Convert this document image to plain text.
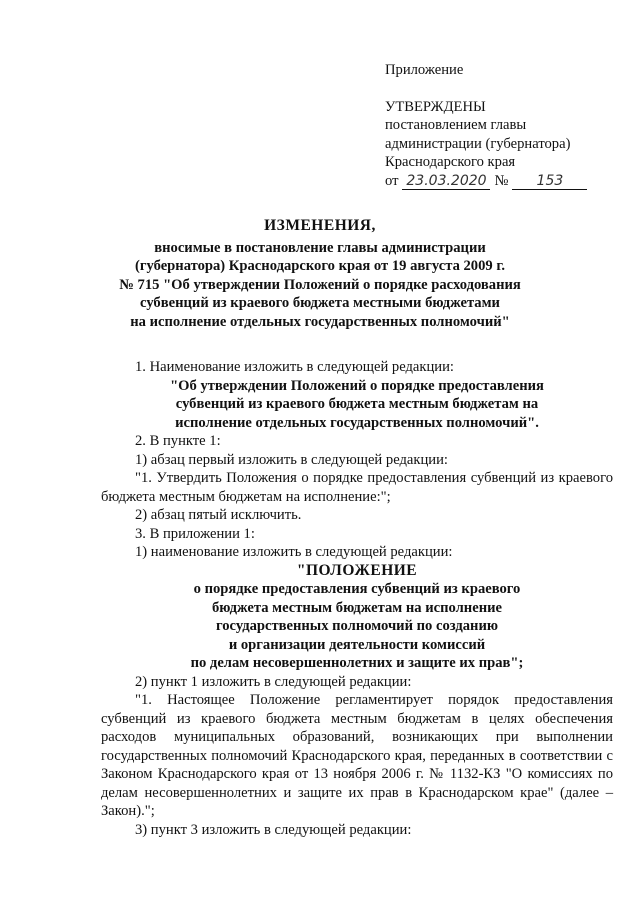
Приложение
УТВЕРЖДЕНЫ
постановлением главы
администрации (губернатора)
Краснодарского края
от 23.03.2020 №	153
ИЗМЕНЕНИЯ,
вносимые в постановление главы администрации
(губернатора) Краснодарского края от 19 августа 2009 г.
№ 715 "Об утверждении Положений о порядке расходования
субвенций из краевого бюджета местными бюджетами
на исполнение отдельных государственных полномочий"
1. Наименование изложить в следующей редакции:
"Об утверждении Положений о порядке предоставления субвенций из краевого бюджета местным бюджетам на исполнение отдельных государственных полномочий".
2. В пункте 1:
1) абзац первый изложить в следующей редакции:
"1. Утвердить Положения о порядке предоставления субвенций из краевого бюджета местным бюджетам на исполнение:";
2) абзац пятый исключить.
3. В приложении 1:
1) наименование изложить в следующей редакции:
"ПОЛОЖЕНИЕ
о порядке предоставления субвенций из краевого
бюджета местным бюджетам на исполнение
государственных полномочий по созданию
и организации деятельности комиссий
по делам несовершеннолетних и защите их прав";
2) пункт 1 изложить в следующей редакции:
"1. Настоящее Положение регламентирует порядок предоставления субвенций из краевого бюджета местным бюджетам в целях обеспечения расходов муниципальных образований, возникающих при выполнении государственных полномочий Краснодарского края, переданных в соответствии с Законом Краснодарского края от 13 ноября 2006 г. № 1132-КЗ "О комиссиях по делам несовершеннолетних и защите их прав в Краснодарском крае" (далее – Закон).";
3) пункт 3 изложить в следующей редакции:
